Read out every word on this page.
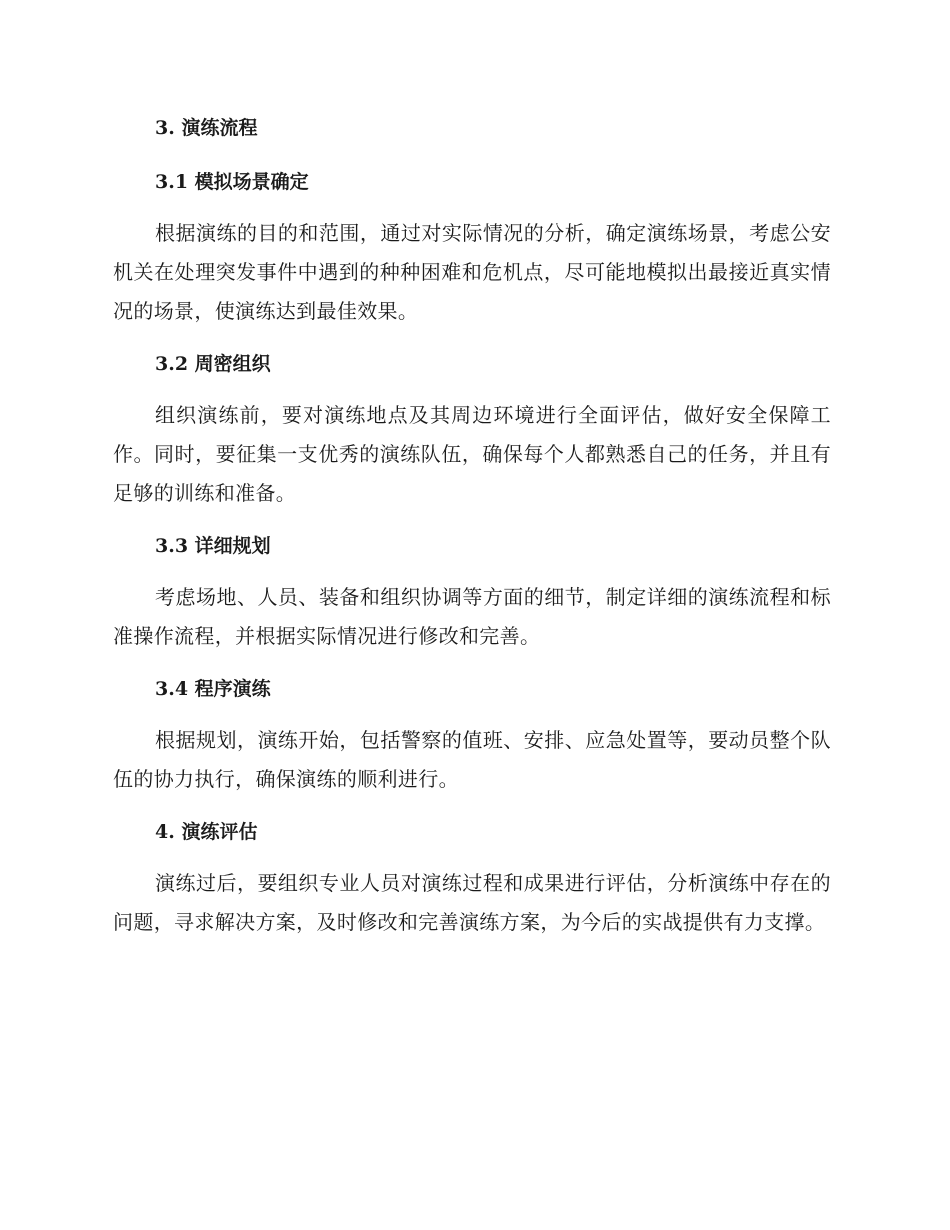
3. 演练流程
3.1 模拟场景确定

根据演练的目的和范围，通过对实际情况的分析，确定演练场景，考虑公安机关在处理突发事件中遇到的种种困难和危机点，尽可能地模拟出最接近真实情况的场景，使演练达到最佳效果。

3.2 周密组织

组织演练前，要对演练地点及其周边环境进行全面评估，做好安全保障工作。同时，要征集一支优秀的演练队伍，确保每个人都熟悉自己的任务，并且有足够的训练和准备。

3.3 详细规划

考虑场地、人员、装备和组织协调等方面的细节，制定详细的演练流程和标准操作流程，并根据实际情况进行修改和完善。

3.4 程序演练

根据规划，演练开始，包括警察的值班、安排、应急处置等，要动员整个队伍的协力执行，确保演练的顺利进行。

4. 演练评估

演练过后，要组织专业人员对演练过程和成果进行评估，分析演练中存在的问题，寻求解决方案，及时修改和完善演练方案，为今后的实战提供有力支撑。
